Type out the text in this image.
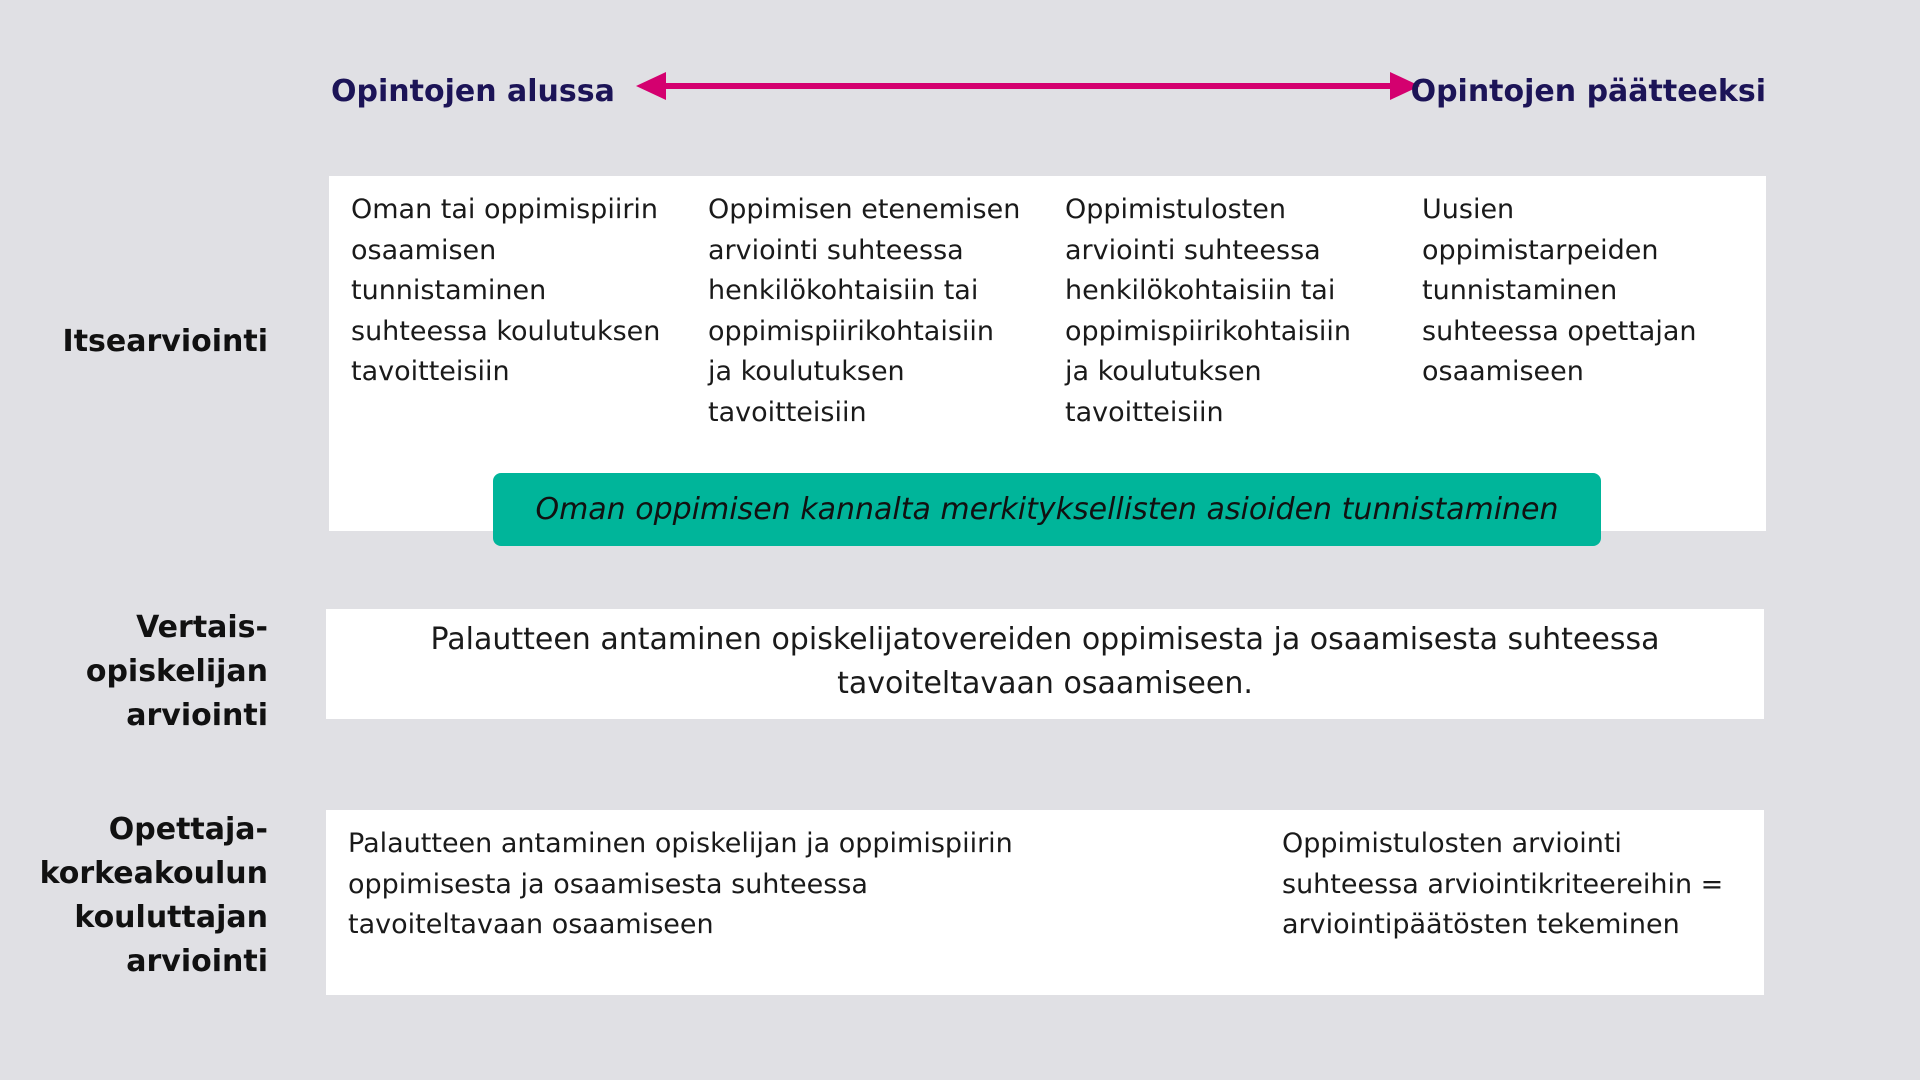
Opintojen alussa	Opintojen päätteeksi
Itsearviointi
Vertais-
opiskelijan
arviointi
Opettaja-
korkeakoulun
kouluttajan
arviointi
Oman tai oppimispiirin
osaamisen
tunnistaminen
suhteessa koulutuksen
tavoitteisiin
Oppimisen etenemisen
arviointi suhteessa
henkilökohtaisiin tai
oppimispiirikohtaisiin
ja koulutuksen
tavoitteisiin
Oppimistulosten
arviointi suhteessa
henkilökohtaisiin tai
oppimispiirikohtaisiin
ja koulutuksen
tavoitteisiin
Uusien
oppimistarpeiden
tunnistaminen
suhteessa opettajan
osaamiseen
Oman oppimisen kannalta merkityksellisten asioiden tunnistaminen
Palautteen antaminen opiskelijatovereiden oppimisesta ja osaamisesta suhteessa
tavoiteltavaan osaamiseen.
Palautteen antaminen opiskelijan ja oppimispiirin
oppimisesta ja osaamisesta suhteessa
tavoiteltavaan osaamiseen
Oppimistulosten arviointi
suhteessa arviointikriteereihin =
arviointipäätösten tekeminen
